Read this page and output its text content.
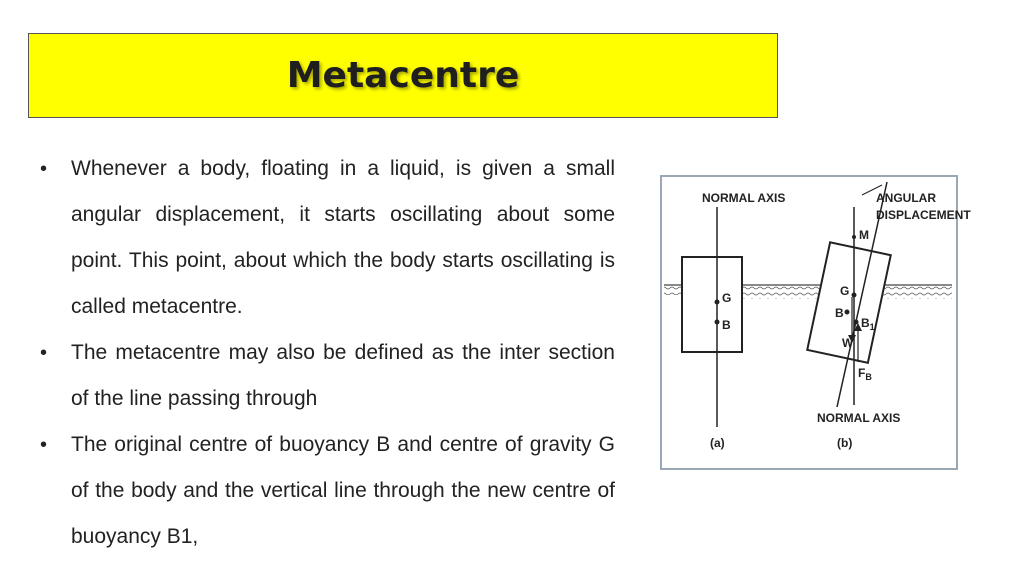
Metacentre
• Whenever a body, floating in a liquid, is given a small angular displacement, it starts oscillating about some point. This point, about which the body starts oscillating is called metacentre.
• The metacentre may also be defined as the inter section of the line passing through
• The original centre of buoyancy B and centre of gravity G of the body and the vertical line through the new centre of buoyancy B1,
G
B
NORMAL AXIS
M
G
B
$B_1$
W
$F_B$
ANGULAR
DISPLACEMENT
NORMAL AXIS
(a)	(b)
